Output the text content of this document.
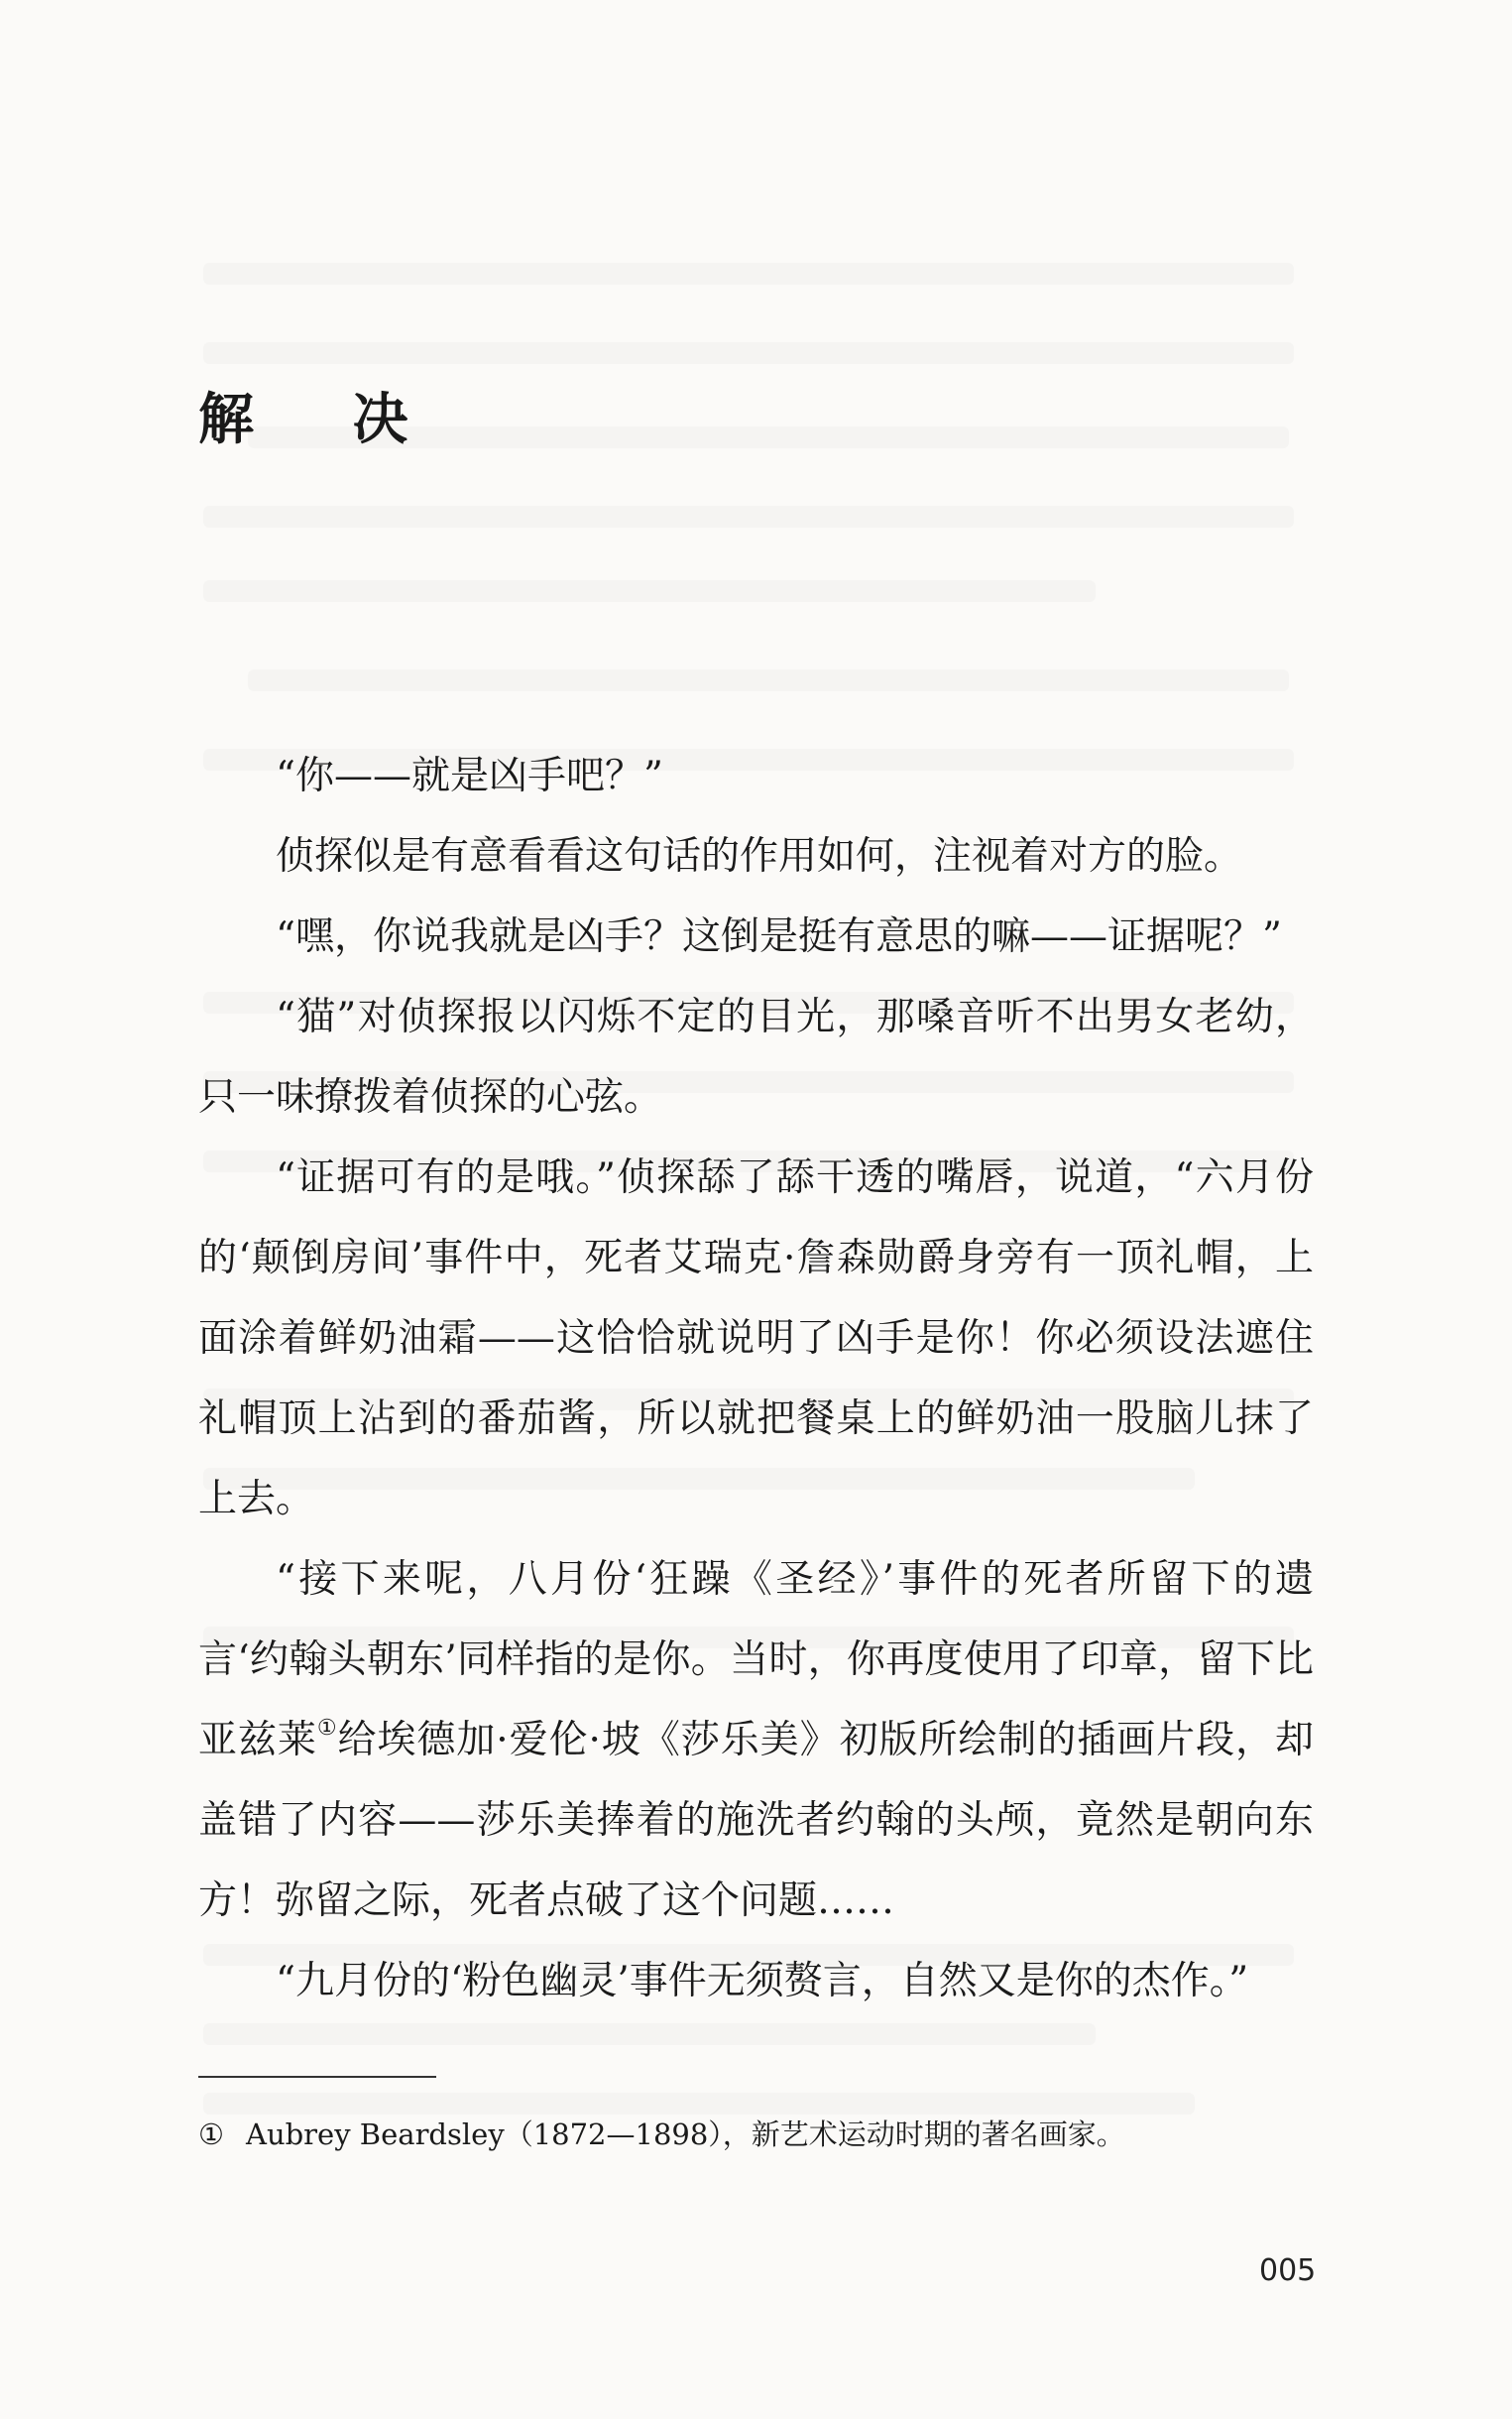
解 决

“你——就是凶手吧？”

侦探似是有意看看这句话的作用如何，注视着对方的脸。

“嘿，你说我就是凶手？这倒是挺有意思的嘛——证据呢？”

“猫”对侦探报以闪烁不定的目光，那嗓音听不出男女老幼，只一味撩拨着侦探的心弦。

“证据可有的是哦。”侦探舔了舔干透的嘴唇，说道，“六月份的‘颠倒房间’事件中，死者艾瑞克·詹森勋爵身旁有一顶礼帽，上面涂着鲜奶油霜——这恰恰就说明了凶手是你！你必须设法遮住礼帽顶上沾到的番茄酱，所以就把餐桌上的鲜奶油一股脑儿抹了上去。

“接下来呢，八月份‘狂躁《圣经》’事件的死者所留下的遗言‘约翰头朝东’同样指的是你。当时，你再度使用了印章，留下比亚兹莱①给埃德加·爱伦·坡《莎乐美》初版所绘制的插画片段，却盖错了内容——莎乐美捧着的施洗者约翰的头颅，竟然是朝向东方！弥留之际，死者点破了这个问题……

“九月份的‘粉色幽灵’事件无须赘言，自然又是你的杰作。”

① Aubrey Beardsley（1872—1898），新艺术运动时期的著名画家。
005
